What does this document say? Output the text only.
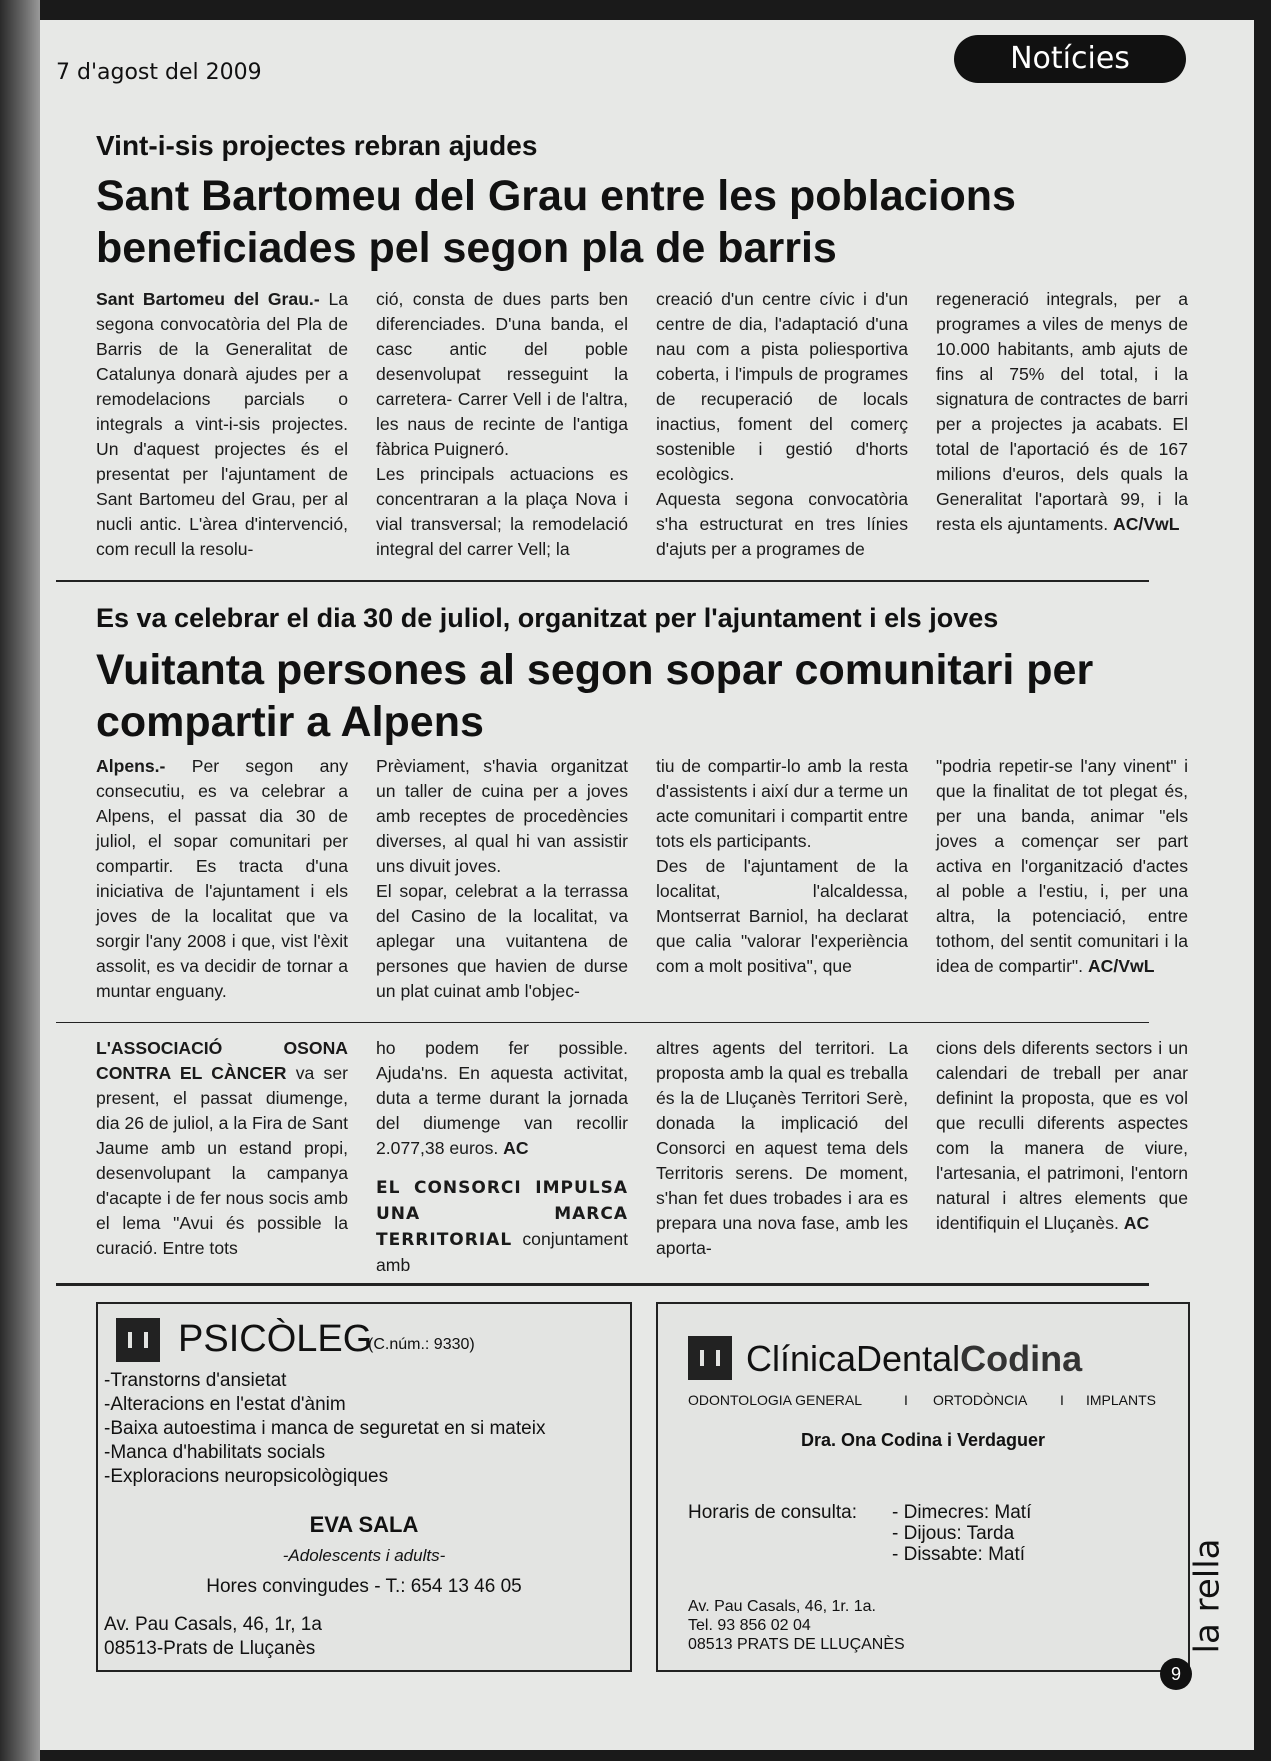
7 d'agost del 2009	Notícies
Vint-i-sis projectes rebran ajudes
Sant Bartomeu del Grau entre les poblacions beneficiades pel segon pla de barris

Sant Bartomeu del Grau.- La segona convocatòria del Pla de Barris de la Generalitat de Catalunya donarà ajudes per a remodelacions parcials o integrals a vint-i-sis projectes. Un d'aquest projectes és el presentat per l'ajuntament de Sant Bartomeu del Grau, per al nucli antic. L'àrea d'intervenció, com recull la resolu-

ció, consta de dues parts ben diferenciades. D'una banda, el casc antic del poble desenvolupat resseguint la carretera- Carrer Vell i de l'altra, les naus de recinte de l'antiga fàbrica Puigneró.

Les principals actuacions es concentraran a la plaça Nova i vial transversal; la remodelació integral del carrer Vell; la

creació d'un centre cívic i d'un centre de dia, l'adaptació d'una nau com a pista poliesportiva coberta, i l'impuls de programes de recuperació de locals inactius, foment del comerç sostenible i gestió d'horts ecològics.

Aquesta segona convocatòria s'ha estructurat en tres línies d'ajuts per a programes de

regeneració integrals, per a programes a viles de menys de 10.000 habitants, amb ajuts de fins al 75% del total, i la signatura de contractes de barri per a projectes ja acabats. El total de l'aportació és de 167 milions d'euros, dels quals la Generalitat l'aportarà 99, i la resta els ajuntaments. AC/VwL

Es va celebrar el dia 30 de juliol, organitzat per l'ajuntament i els joves
Vuitanta persones al segon sopar comunitari per compartir a Alpens

Alpens.- Per segon any consecutiu, es va celebrar a Alpens, el passat dia 30 de juliol, el sopar comunitari per compartir. Es tracta d'una iniciativa de l'ajuntament i els joves de la localitat que va sorgir l'any 2008 i que, vist l'èxit assolit, es va decidir de tornar a muntar enguany.

Prèviament, s'havia organitzat un taller de cuina per a joves amb receptes de procedències diverses, al qual hi van assistir uns divuit joves.

El sopar, celebrat a la terrassa del Casino de la localitat, va aplegar una vuitantena de persones que havien de durse un plat cuinat amb l'objec-

tiu de compartir-lo amb la resta d'assistents i així dur a terme un acte comunitari i compartit entre tots els participants.

Des de l'ajuntament de la localitat, l'alcaldessa, Montserrat Barniol, ha declarat que calia "valorar l'experiència com a molt positiva", que

"podria repetir-se l'any vinent" i que la finalitat de tot plegat és, per una banda, animar "els joves a començar ser part activa en l'organització d'actes al poble a l'estiu, i, per una altra, la potenciació, entre tothom, del sentit comunitari i la idea de compartir". AC/VwL

L'ASSOCIACIÓ OSONA CONTRA EL CÀNCER va ser present, el passat diumenge, dia 26 de juliol, a la Fira de Sant Jaume amb un estand propi, desenvolupant la campanya d'acapte i de fer nous socis amb el lema "Avui és possible la curació. Entre tots

ho podem fer possible. Ajuda'ns. En aquesta activitat, duta a terme durant la jornada del diumenge van recollir 2.077,38 euros. AC

EL CONSORCI IMPULSA UNA MARCA TERRITORIAL conjuntament amb

altres agents del territori. La proposta amb la qual es treballa és la de Lluçanès Territori Serè, donada la implicació del Consorci en aquest tema dels Territoris serens. De moment, s'han fet dues trobades i ara es prepara una nova fase, amb les aporta-

cions dels diferents sectors i un calendari de treball per anar definint la proposta, que es vol que reculli diferents aspectes com la manera de viure, l'artesania, el patrimoni, l'entorn natural i altres elements que identifiquin el Lluçanès. AC

PSICÒLEG
(C.núm.: 9330)
-Transtorns d'ansietat
-Alteracions en l'estat d'ànim
-Baixa autoestima i manca de seguretat en si mateix
-Manca d'habilitats socials
-Exploracions neuropsicològiques
EVA SALA
-Adolescents i adults-
Hores convingudes - T.: 654 13 46 05
Av. Pau Casals, 46, 1r, 1a
08513-Prats de Lluçanès
ClínicaDentalCodina
ODONTOLOGIA GENERAL	I ORTODÒNCIA I IMPLANTS
Dra. Ona Codina i Verdaguer
Horaris de consulta: - Dimecres: Matí
- Dijous: Tarda
- Dissabte: Matí
Av. Pau Casals, 46, 1r. 1a.
Tel. 93 856 02 04
08513 PRATS DE LLUÇANÈS	la rella
9
